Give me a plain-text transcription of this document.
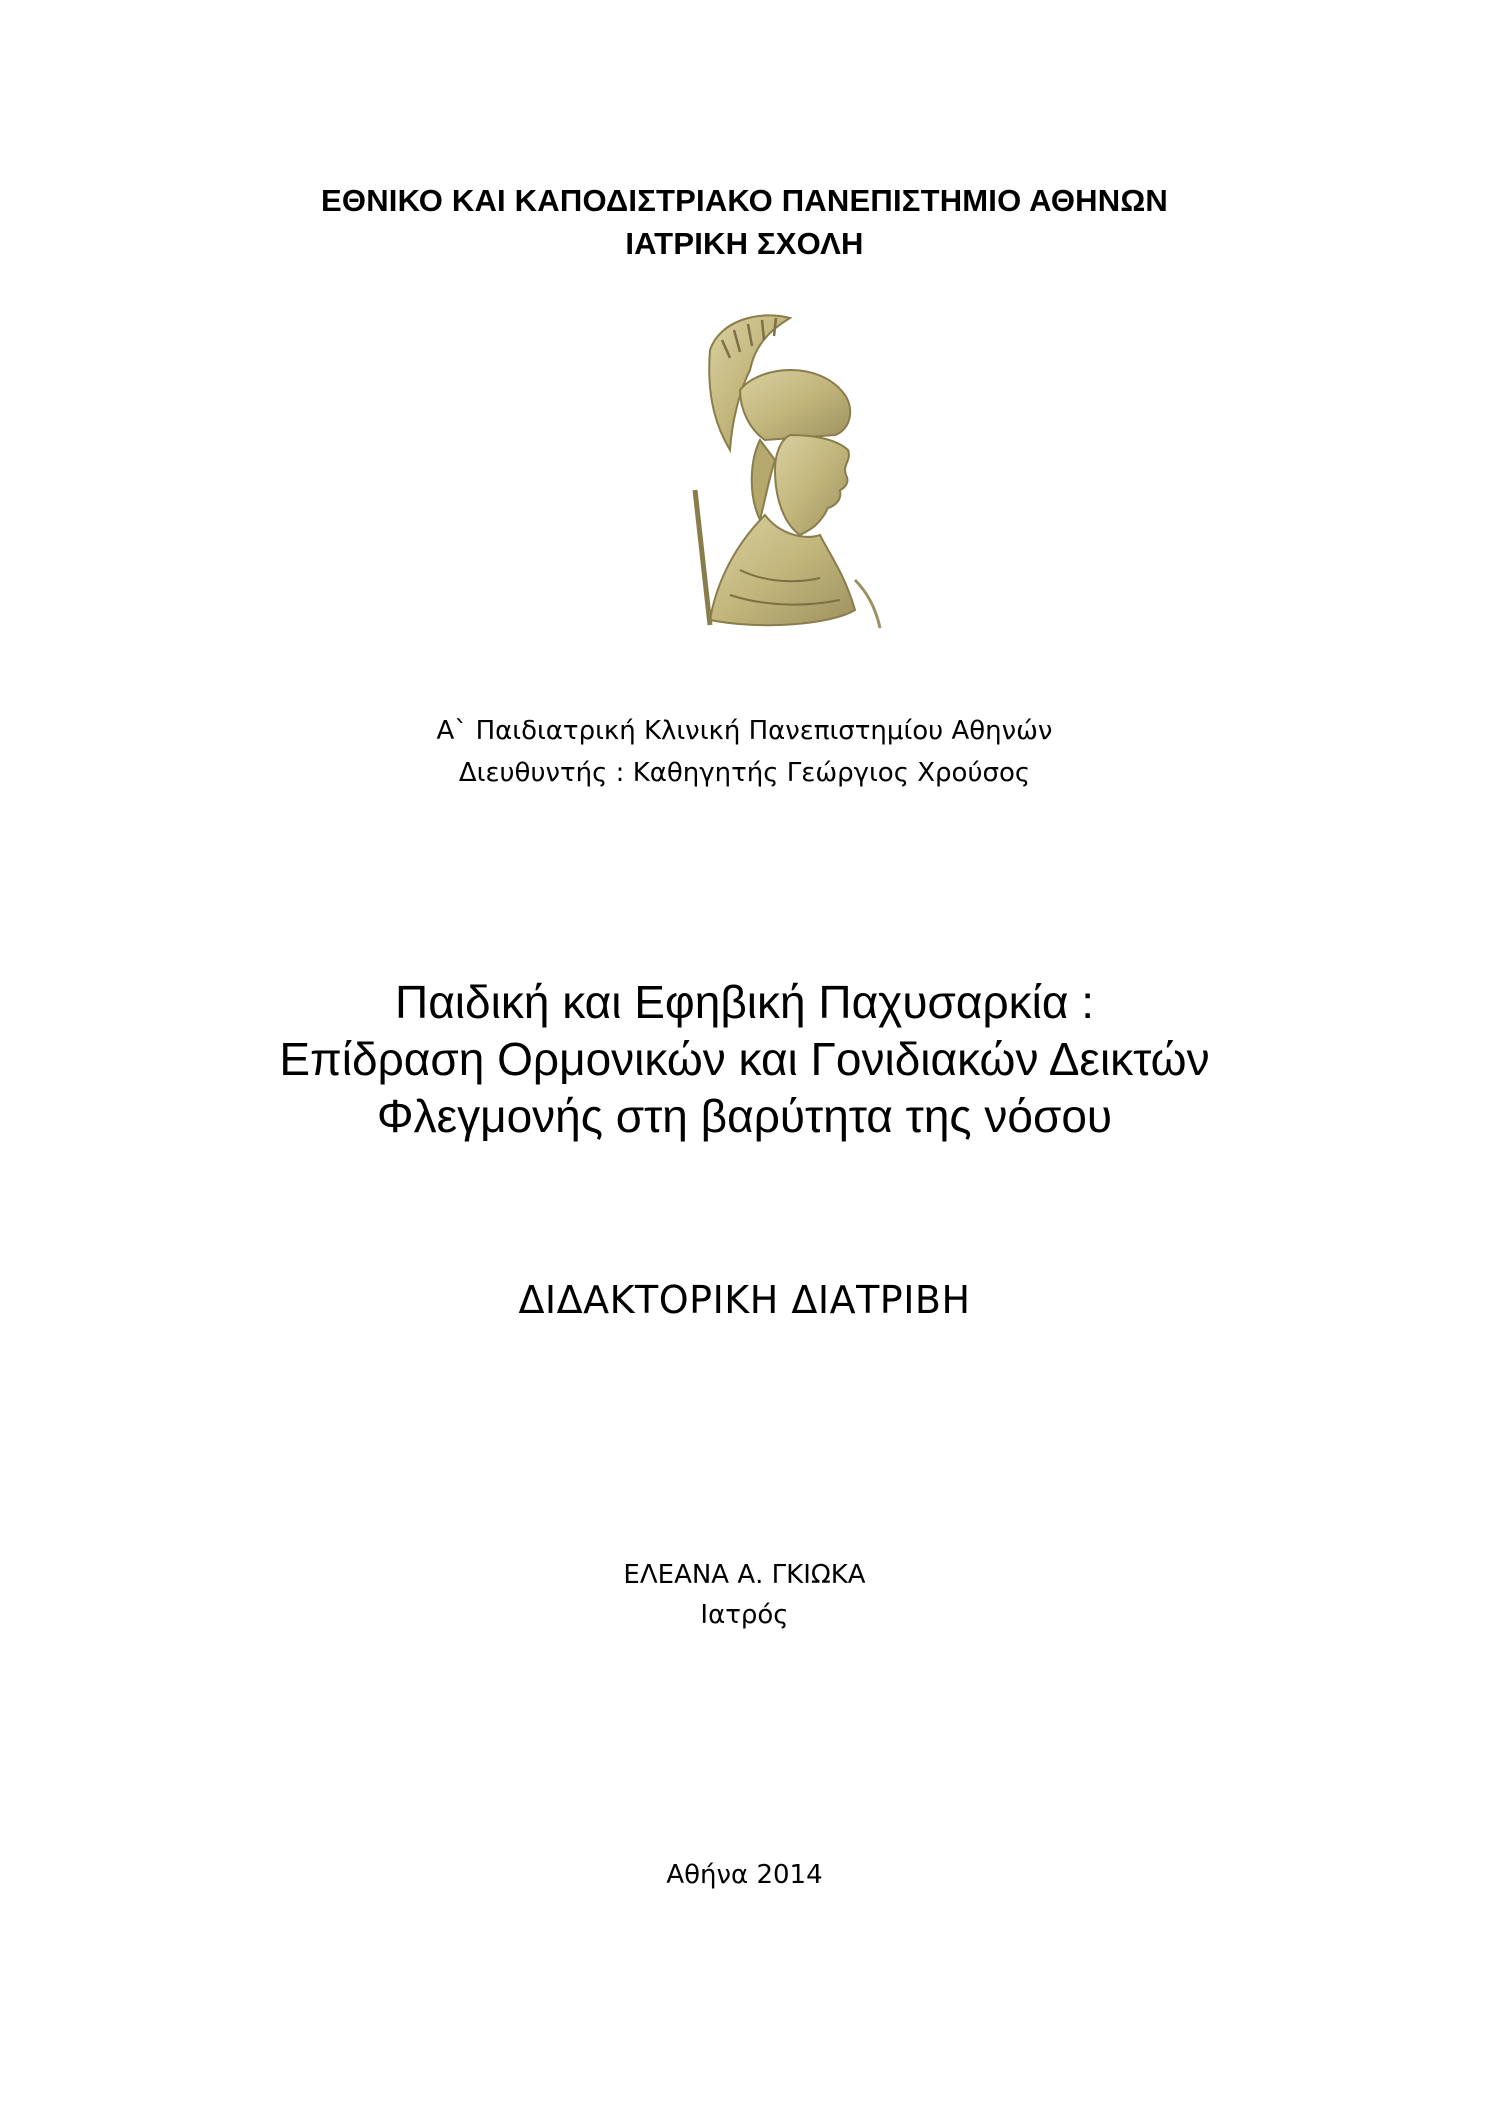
ΕΘΝΙΚΟ ΚΑΙ ΚΑΠΟΔΙΣΤΡΙΑΚΟ ΠΑΝΕΠΙΣΤΗΜΙΟ ΑΘΗΝΩΝ

ΙΑΤΡΙΚΗ ΣΧΟΛΗ

Α` Παιδιατρική Κλινική Πανεπιστημίου Αθηνών

Διευθυντής : Καθηγητής Γεώργιος Χρούσος

Παιδική και Εφηβική Παχυσαρκία :

Επίδραση Ορμονικών και Γονιδιακών Δεικτών

Φλεγμονής στη βαρύτητα της νόσου

ΔΙΔΑΚΤΟΡΙΚΗ ΔΙΑΤΡΙΒΗ

ΕΛΕΑΝΑ Α. ΓΚΙΩΚΑ

Ιατρός

Αθήνα 2014
